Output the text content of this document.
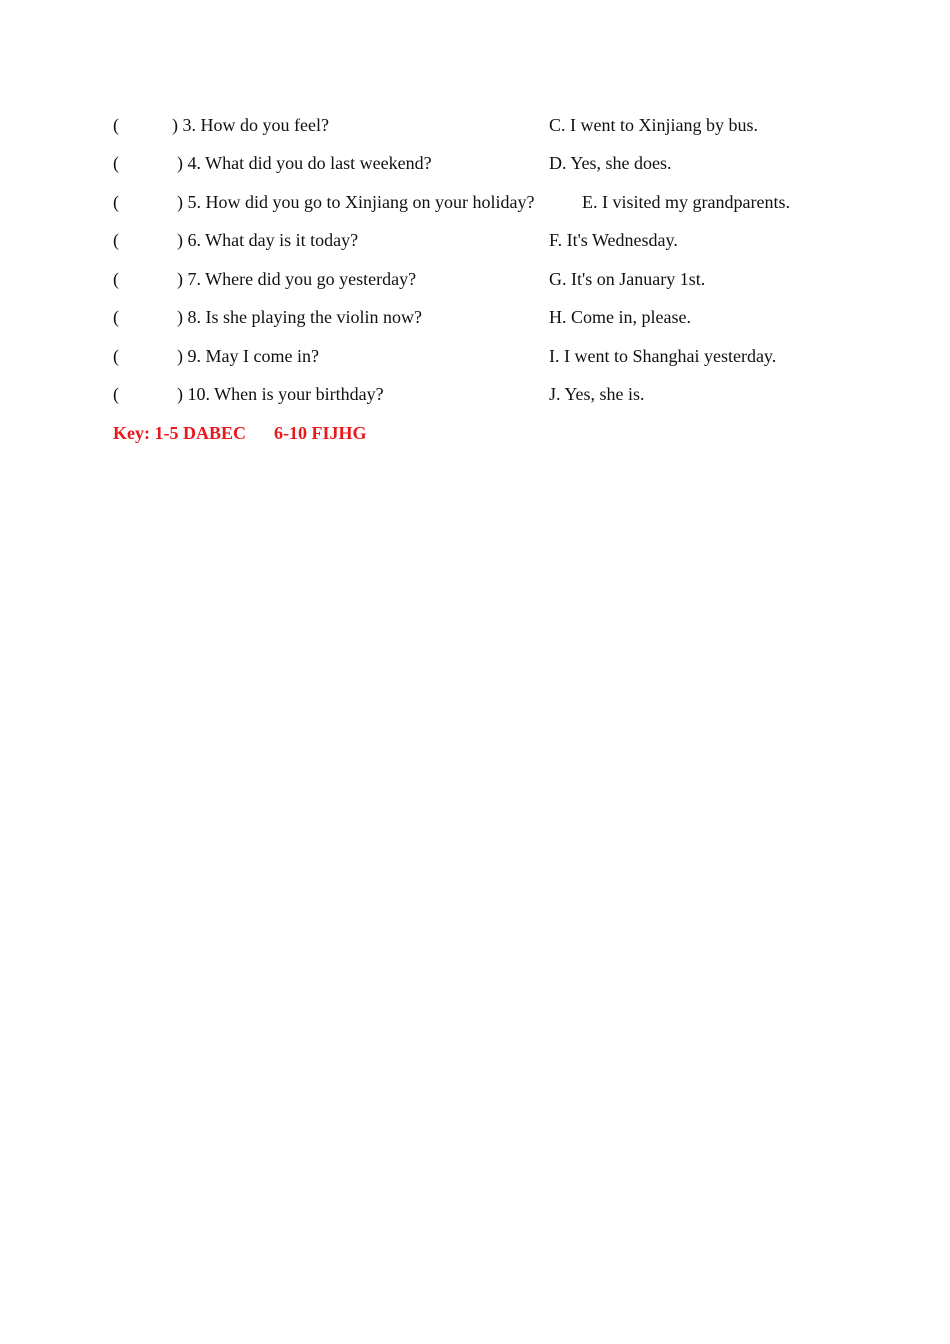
(	) 3. How do you feel?	C. I went to Xinjiang by bus.
(	) 4. What did you do last weekend?	D. Yes, she does.
(	) 5. How did you go to Xinjiang on your holiday?	E. I visited my grandparents.
(	) 6. What day is it today?	F. It's Wednesday.
(	) 7. Where did you go yesterday?	G. It's on January 1st.
(	) 8. Is she playing the violin now?	H. Come in, please.
(	) 9. May I come in?	I. I went to Shanghai yesterday.
(	) 10. When is your birthday?	J. Yes, she is.
Key: 1-5 DABEC 6-10 FIJHG
